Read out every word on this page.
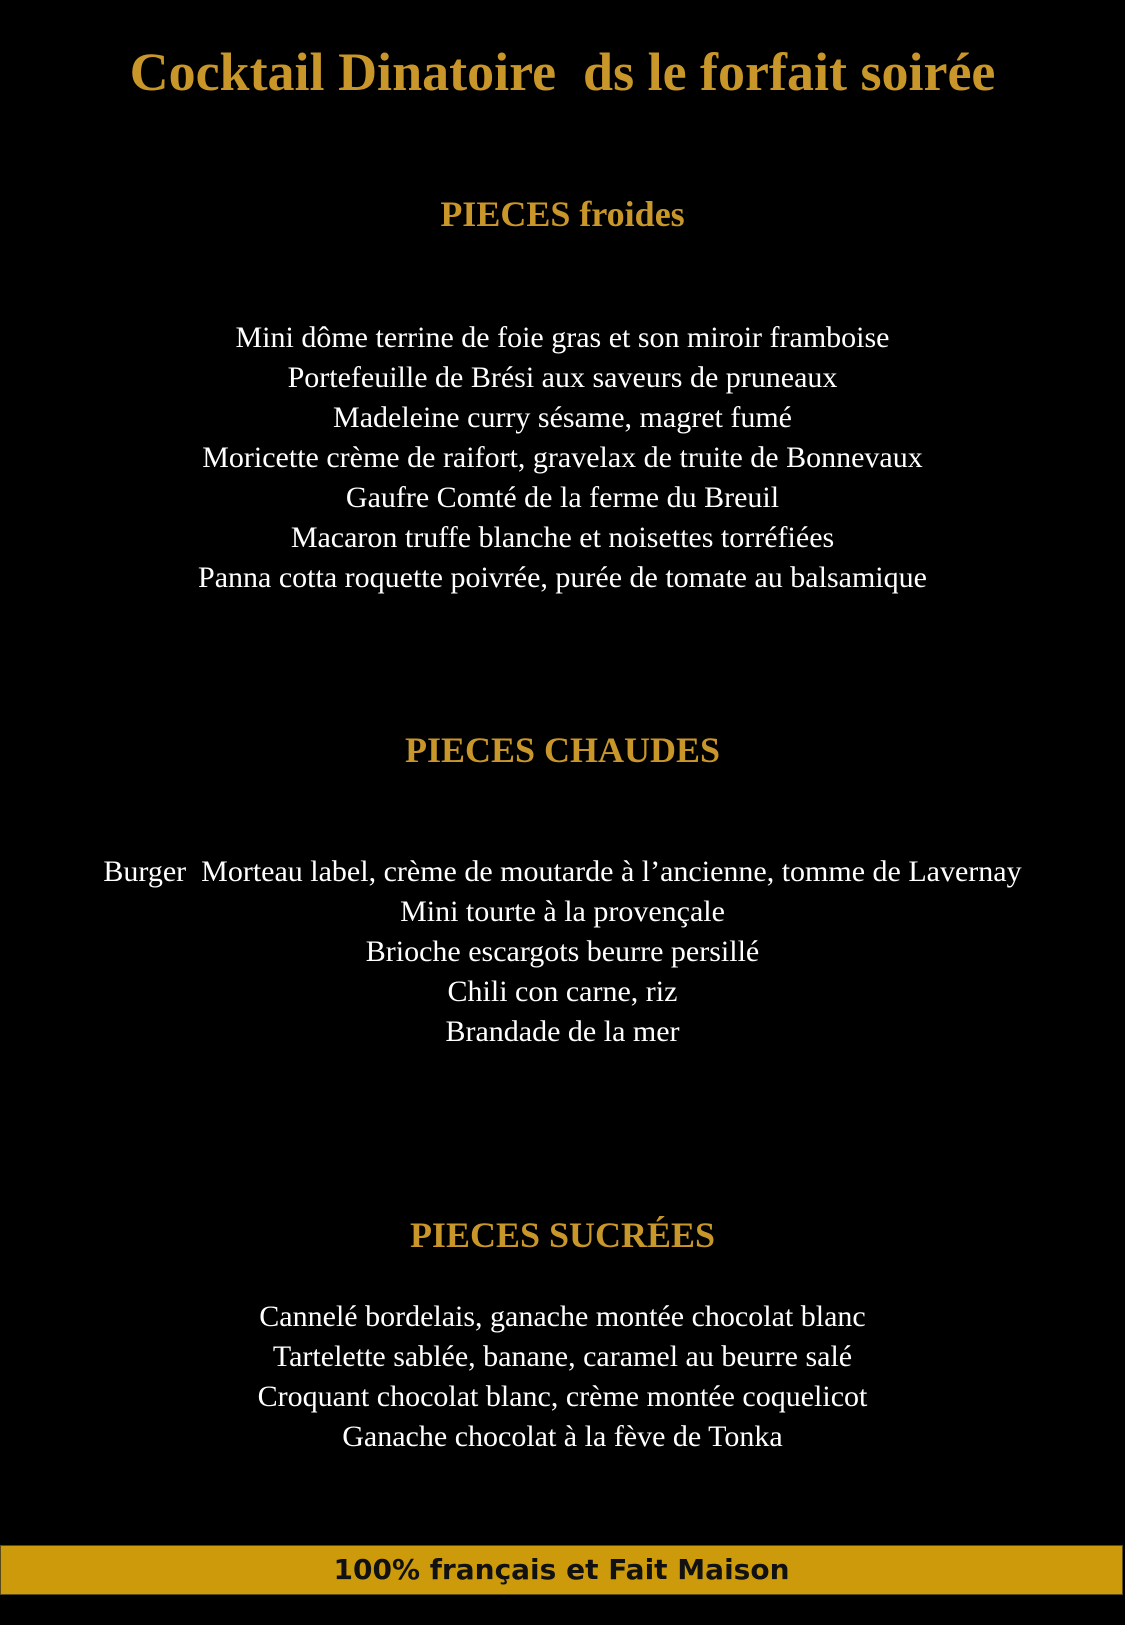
Cocktail Dinatoire  ds le forfait soirée
PIECES froides
Mini dôme terrine de foie gras et son miroir framboise
Portefeuille de Brési aux saveurs de pruneaux
Madeleine curry sésame, magret fumé
Moricette crème de raifort, gravelax de truite de Bonnevaux
Gaufre Comté de la ferme du Breuil
Macaron truffe blanche et noisettes torréfiées
Panna cotta roquette poivrée, purée de tomate au balsamique
PIECES CHAUDES
Burger  Morteau label, crème de moutarde à l’ancienne, tomme de Lavernay
Mini tourte à la provençale
Brioche escargots beurre persillé
Chili con carne, riz
Brandade de la mer
PIECES SUCRÉES
Cannelé bordelais, ganache montée chocolat blanc
Tartelette sablée, banane, caramel au beurre salé
Croquant chocolat blanc, crème montée coquelicot
Ganache chocolat à la fève de Tonka
100% français et Fait Maison
